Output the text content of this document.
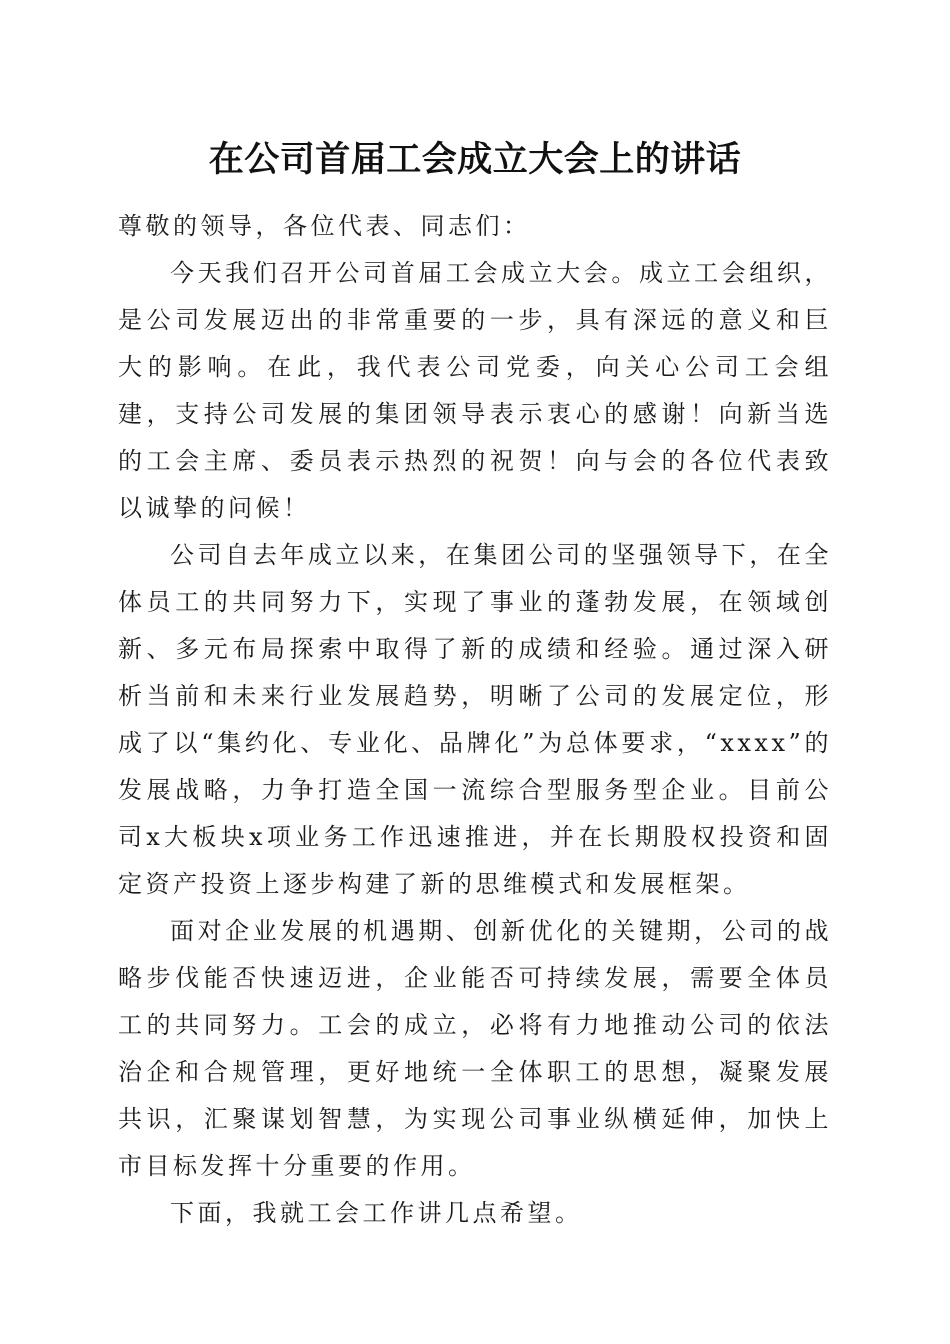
在公司首届工会成立大会上的讲话

尊敬的领导，各位代表、同志们：

今天我们召开公司首届工会成立大会。成立工会组织，是公司发展迈出的非常重要的一步，具有深远的意义和巨大的影响。在此，我代表公司党委，向关心公司工会组建，支持公司发展的集团领导表示衷心的感谢！向新当选的工会主席、委员表示热烈的祝贺！向与会的各位代表致以诚挚的问候！

公司自去年成立以来，在集团公司的坚强领导下，在全体员工的共同努力下，实现了事业的蓬勃发展，在领域创新、多元布局探索中取得了新的成绩和经验。通过深入研析当前和未来行业发展趋势，明晰了公司的发展定位，形成了以“集约化、专业化、品牌化”为总体要求，“xxxx”的发展战略，力争打造全国一流综合型服务型企业。目前公司x大板块x项业务工作迅速推进，并在长期股权投资和固定资产投资上逐步构建了新的思维模式和发展框架。

面对企业发展的机遇期、创新优化的关键期，公司的战略步伐能否快速迈进，企业能否可持续发展，需要全体员工的共同努力。工会的成立，必将有力地推动公司的依法治企和合规管理，更好地统一全体职工的思想，凝聚发展共识，汇聚谋划智慧，为实现公司事业纵横延伸，加快上市目标发挥十分重要的作用。

下面，我就工会工作讲几点希望。
